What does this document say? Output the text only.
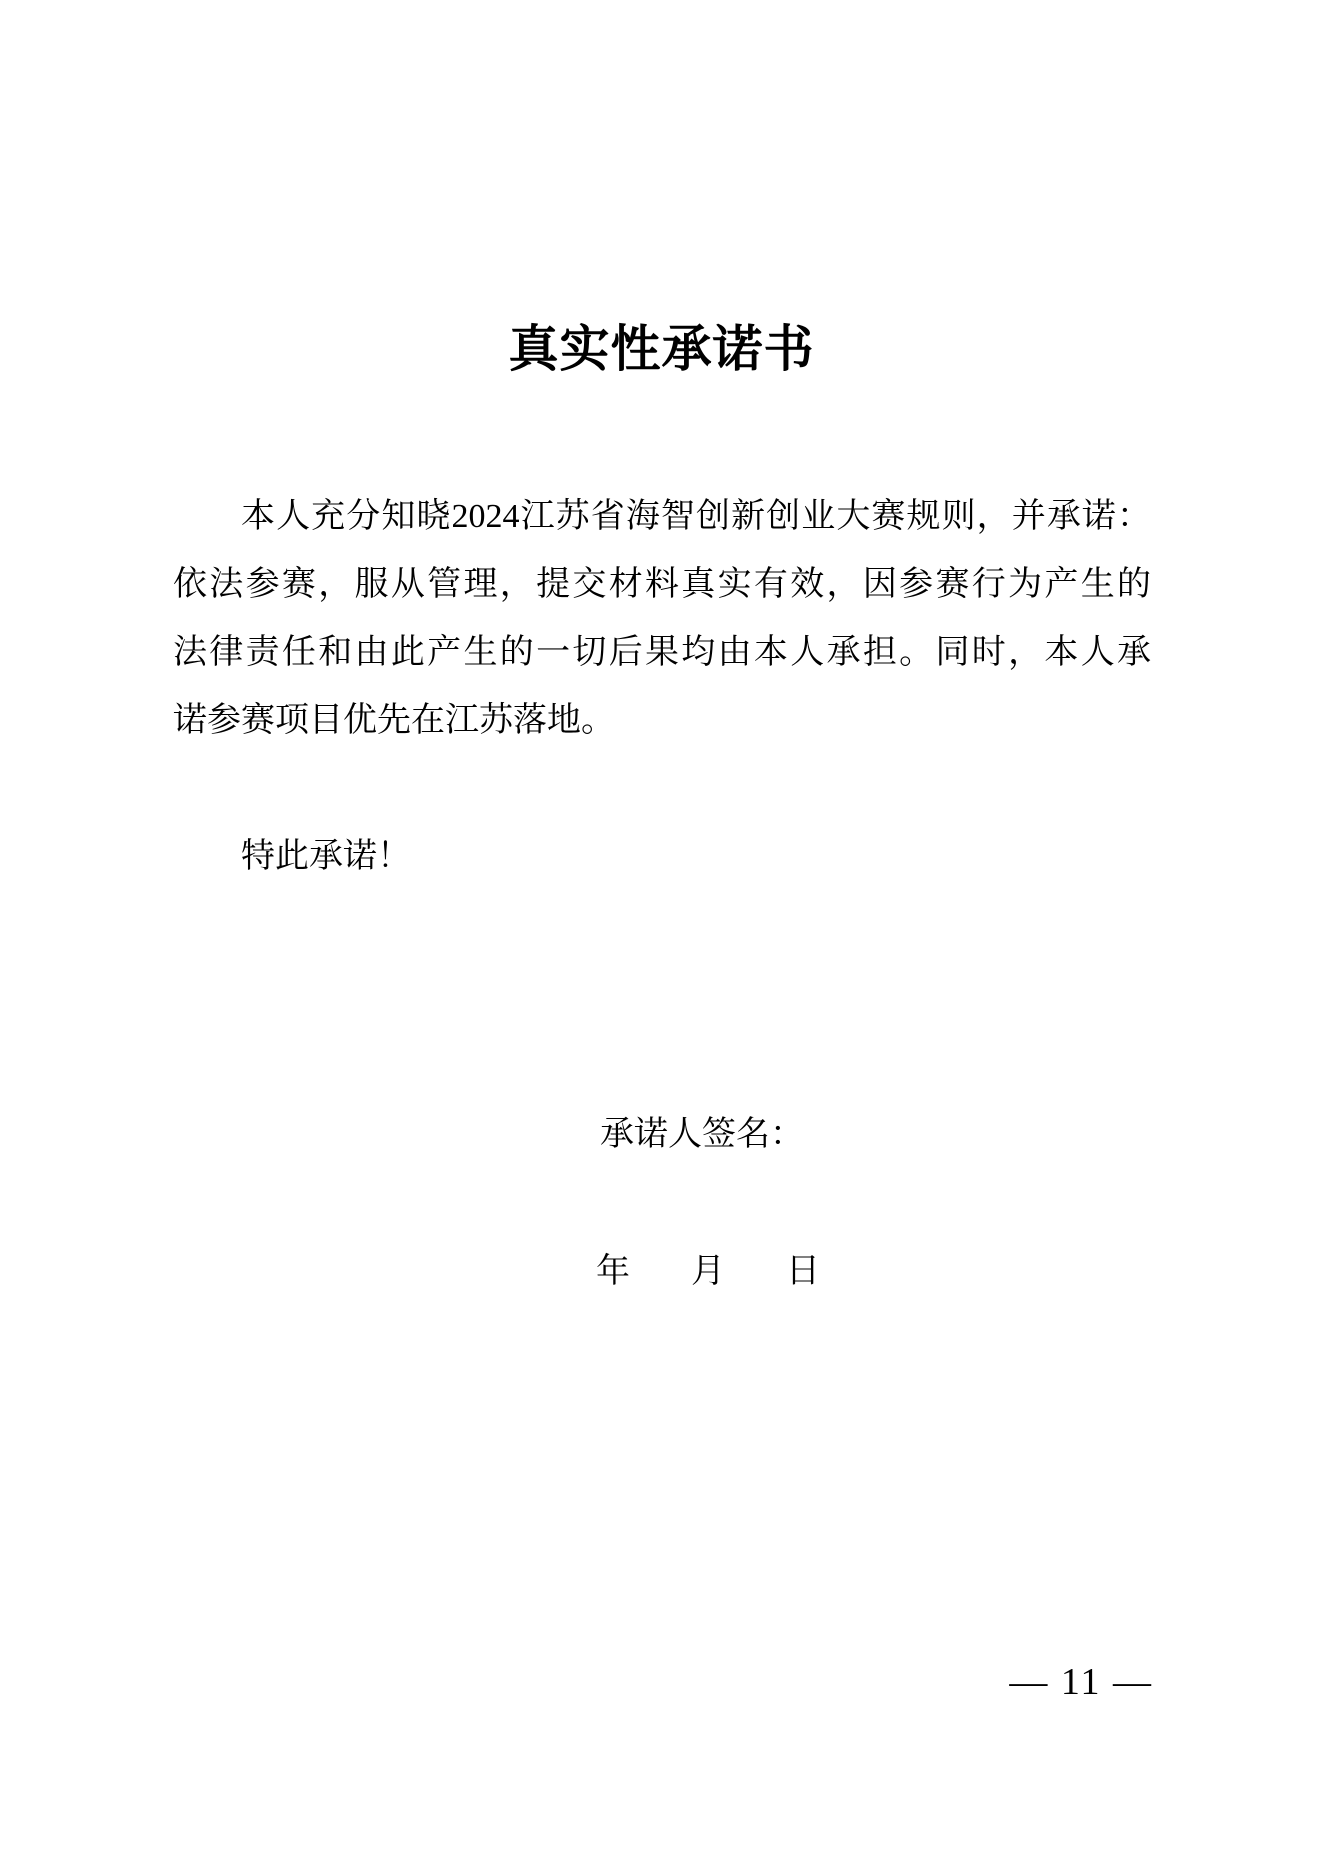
真实性承诺书
本人充分知晓2024江苏省海智创新创业大赛规则，并承诺：
依法参赛，服从管理，提交材料真实有效，因参赛行为产生的
法律责任和由此产生的一切后果均由本人承担。同时，本人承
诺参赛项目优先在江苏落地。
特此承诺！
承诺人签名：
年 月 日
— 11 —
